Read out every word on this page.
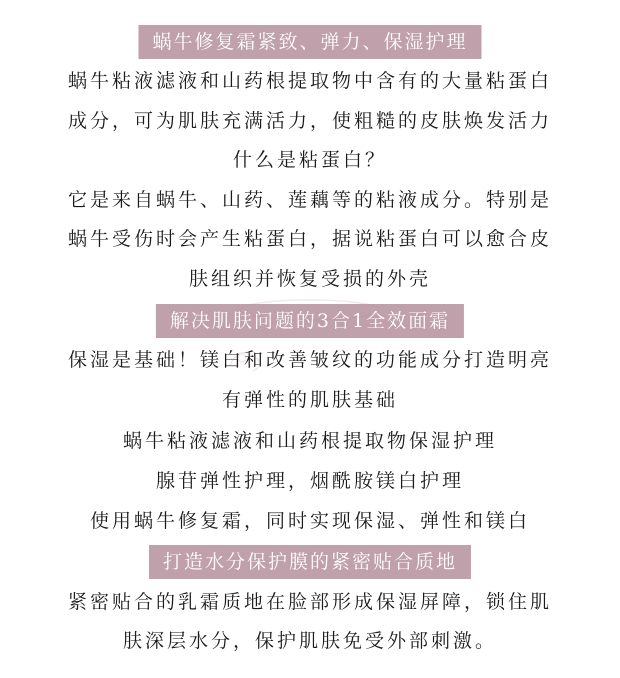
蜗牛修复霜紧致、弹力、保湿护理
蜗牛粘液滤液和山药根提取物中含有的大量粘蛋白
成分，可为肌肤充满活力，使粗糙的皮肤焕发活力
什么是粘蛋白？
它是来自蜗牛、山药、莲藕等的粘液成分。特别是
蜗牛受伤时会产生粘蛋白，据说粘蛋白可以愈合皮
肤组织并恢复受损的外壳
解决肌肤问题的3合1全效面霜
保湿是基础！镁白和改善皱纹的功能成分打造明亮
有弹性的肌肤基础
蜗牛粘液滤液和山药根提取物保湿护理
腺苷弹性护理，烟酰胺镁白护理
使用蜗牛修复霜，同时实现保湿、弹性和镁白
打造水分保护膜的紧密贴合质地
紧密贴合的乳霜质地在脸部形成保湿屏障，锁住肌
肤深层水分，保护肌肤免受外部刺激。
